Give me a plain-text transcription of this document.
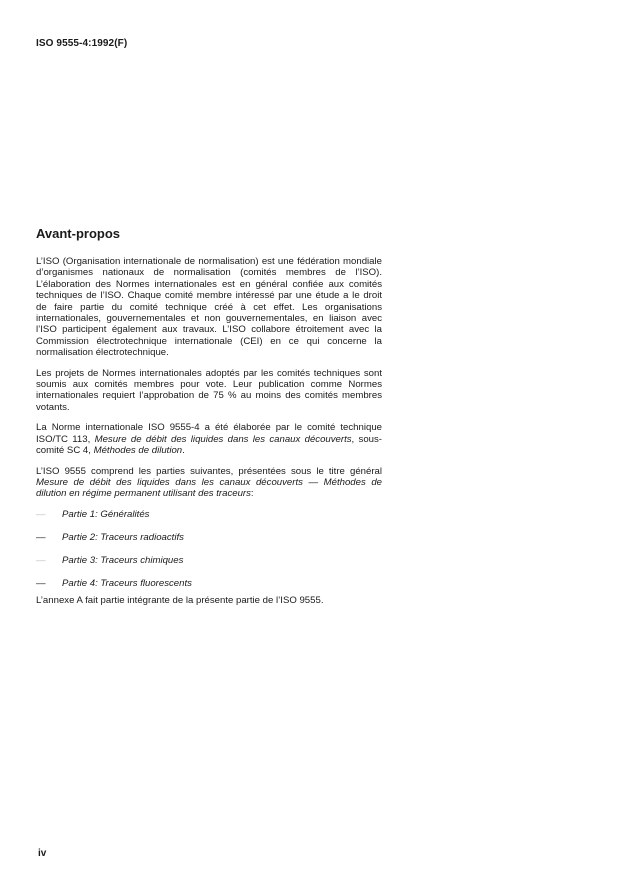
ISO 9555-4:1992(F)
Avant-propos

L’ISO (Organisation internationale de normalisation) est une fédération mondiale d’organismes nationaux de normalisation (comités membres de l’ISO). L’élaboration des Normes internationales est en général confiée aux comités techniques de l’ISO. Chaque comité membre intéressé par une étude a le droit de faire partie du comité technique créé à cet effet. Les organisations internationales, gouvernementales et non gouvernementales, en liaison avec l’ISO participent également aux travaux. L’ISO collabore étroitement avec la Commission électrotechnique internationale (CEI) en ce qui concerne la normalisation électrotechnique.

Les projets de Normes internationales adoptés par les comités techniques sont soumis aux comités membres pour vote. Leur publication comme Normes internationales requiert l’approbation de 75 % au moins des comités membres votants.

La Norme internationale ISO 9555-4 a été élaborée par le comité technique ISO/TC 113, Mesure de débit des liquides dans les canaux découverts, sous-comité SC 4, Méthodes de dilution.

L’ISO 9555 comprend les parties suivantes, présentées sous le titre général Mesure de débit des liquides dans les canaux découverts — Méthodes de dilution en régime permanent utilisant des traceurs:

— Partie 1: Généralités
— Partie 2: Traceurs radioactifs
— Partie 3: Traceurs chimiques
— Partie 4: Traceurs fluorescents
L’annexe A fait partie intégrante de la présente partie de l’ISO 9555.
iv
